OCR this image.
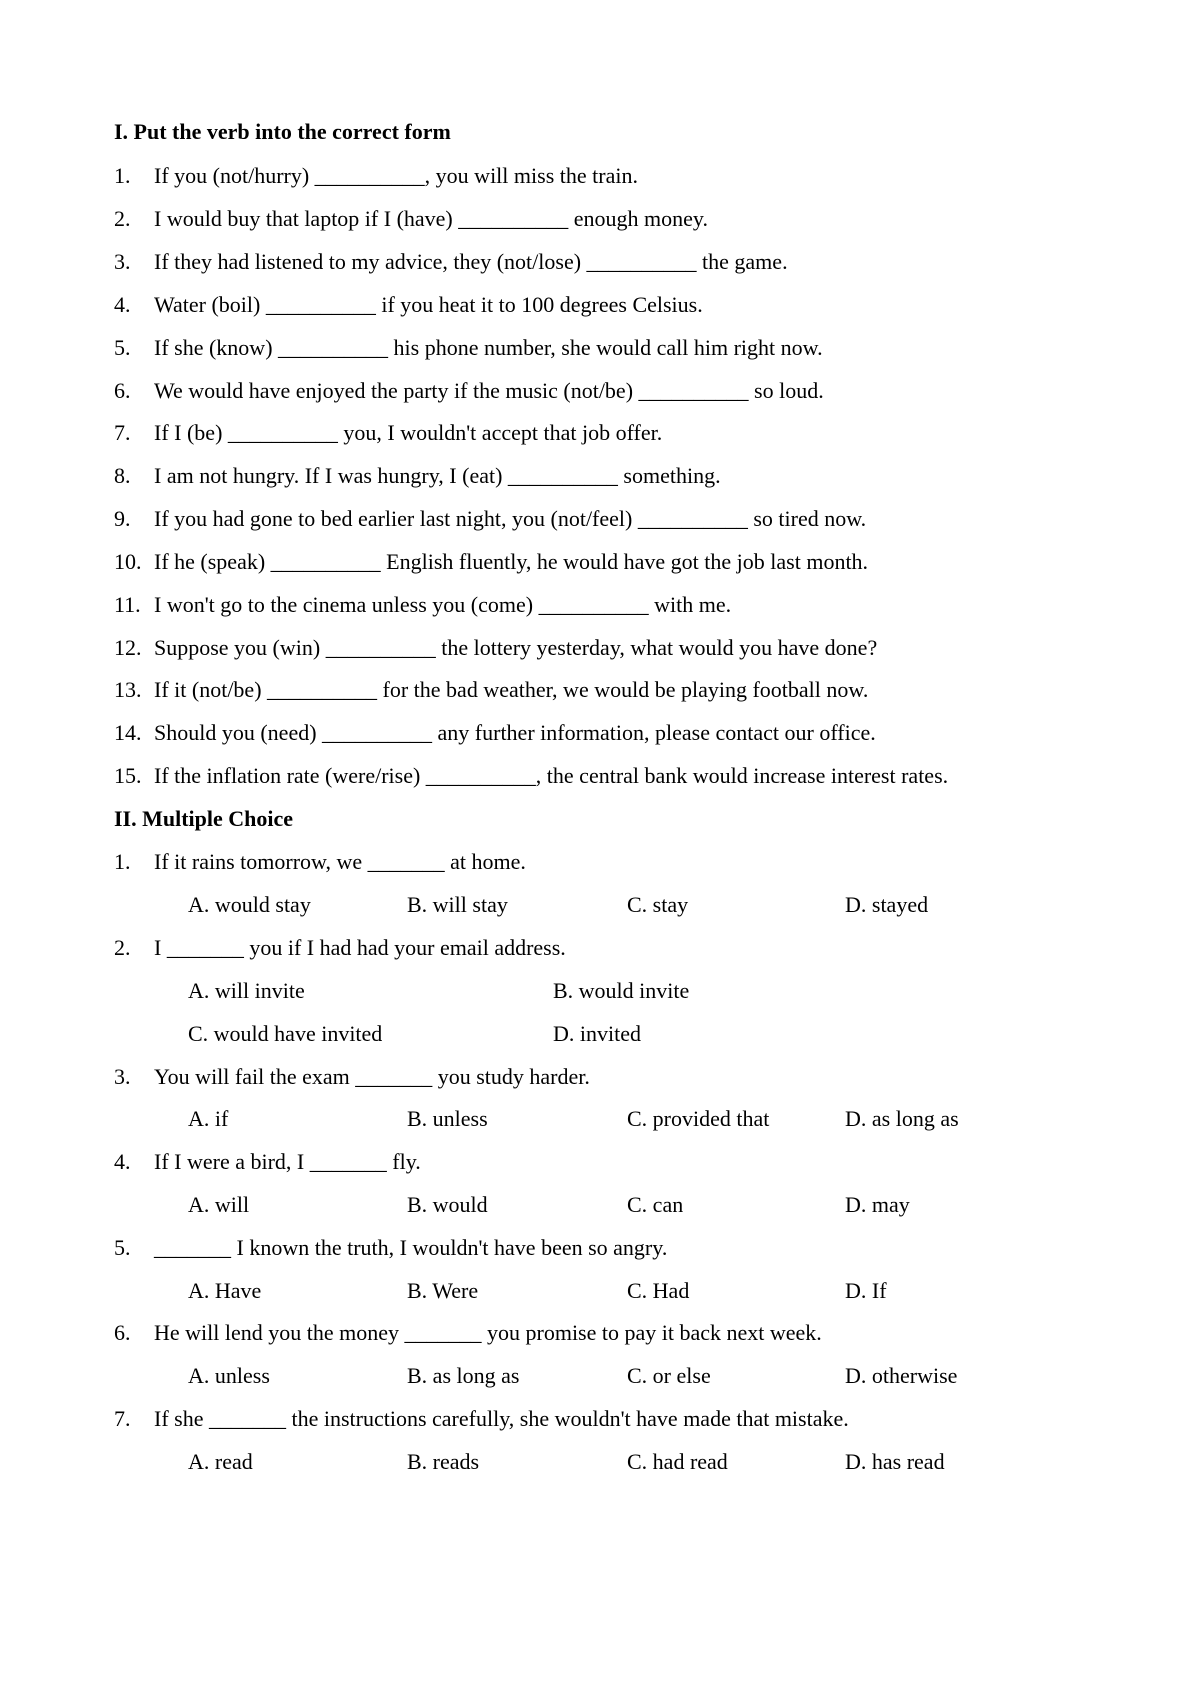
I. Put the verb into the correct form
1. If you (not/hurry) __________, you will miss the train.
2. I would buy that laptop if I (have) __________ enough money.
3. If they had listened to my advice, they (not/lose) __________ the game.
4. Water (boil) __________ if you heat it to 100 degrees Celsius.
5. If she (know) __________ his phone number, she would call him right now.
6. We would have enjoyed the party if the music (not/be) __________ so loud.
7. If I (be) __________ you, I wouldn't accept that job offer.
8. I am not hungry. If I was hungry, I (eat) __________ something.
9. If you had gone to bed earlier last night, you (not/feel) __________ so tired now.
10. If he (speak) __________ English fluently, he would have got the job last month.
11. I won't go to the cinema unless you (come) __________ with me.
12. Suppose you (win) __________ the lottery yesterday, what would you have done?
13. If it (not/be) __________ for the bad weather, we would be playing football now.
14. Should you (need) __________ any further information, please contact our office.
15. If the inflation rate (were/rise) __________, the central bank would increase interest rates.
II. Multiple Choice
1. If it rains tomorrow, we _______ at home.
A. would stay	B. will stay	C. stay	D. stayed
2. I _______ you if I had had your email address.
A. will invite	B. would invite
C. would have invited	D. invited
3. You will fail the exam _______ you study harder.
A. if	B. unless	C. provided that	D. as long as
4. If I were a bird, I _______ fly.
A. will	B. would	C. can	D. may
5. _______ I known the truth, I wouldn't have been so angry.
A. Have	B. Were	C. Had	D. If
6. He will lend you the money _______ you promise to pay it back next week.
A. unless	B. as long as	C. or else	D. otherwise
7. If she _______ the instructions carefully, she wouldn't have made that mistake.
A. read	B. reads	C. had read	D. has read
